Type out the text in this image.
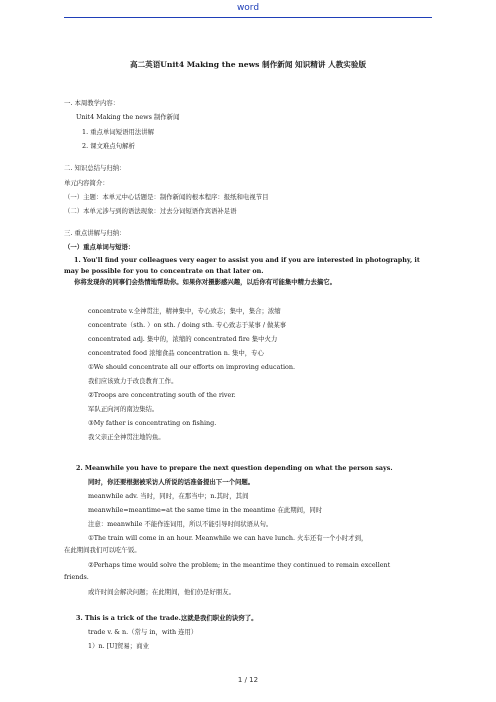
word
高二英语Unit4 Making the news 制作新闻 知识精讲 人教实验版
一. 本周教学内容：
Unit4 Making the news 制作新闻
1. 重点单词短语用法讲解
2. 课文难点句解析
二. 知识总结与归纳：
单元内容简介：
（一）主题：本单元中心话题是：制作新闻的根本程序：报纸和电视节目
（二）本单元涉与到的语法现象：过去分词短语作宾语补足语
三. 重点讲解与归纳：
（一）重点单词与短语：
1. You'll find your colleagues very eager to assist you and if you are interested in photography, it may be possible for you to concentrate on that later on.
你将发现你的同事们会热情地帮助你。如果你对摄影感兴趣，以后你有可能集中精力去搞它。
concentrate v.全神贯注，精神集中，专心致志；集中，集合；浓缩
concentrate（sth. ）on sth. / doing sth. 专心致志于某事 / 做某事
concentrated adj. 集中的，浓缩的 concentrated fire 集中火力
concentrated food 浓缩食品 concentration n. 集中，专心
①We should concentrate all our efforts on improving education.
我们应该致力于改良教育工作。
②Troops are concentrating south of the river.
军队正向河的南边集结。
③My father is concentrating on fishing.
我父亲正全神贯注地钓鱼。
2. Meanwhile you have to prepare the next question depending on what the person says.
同时，你还要根据被采访人所说的话准备提出下一个问题。
meanwhile adv. 当时，同时，在那当中；n.其时，其间
meanwhile=meantime=at the same time in the meantime 在此期间，同时
注意：meanwhile 不能作连词用，所以不能引导时间状语从句。
①The train will come in an hour. Meanwhile we can have lunch. 火车还有一个小时才到，
在此期间我们可以吃午饭。
②Perhaps time would solve the problem; in the meantime they continued to remain excellent
friends.
或许时间会解决问题；在此期间，他们仍是好朋友。
3. This is a trick of the trade.这就是我们职业的诀窍了。
trade v. & n.（常与 in，with 连用）
1）n. [U]贸易；商业
1 / 12
